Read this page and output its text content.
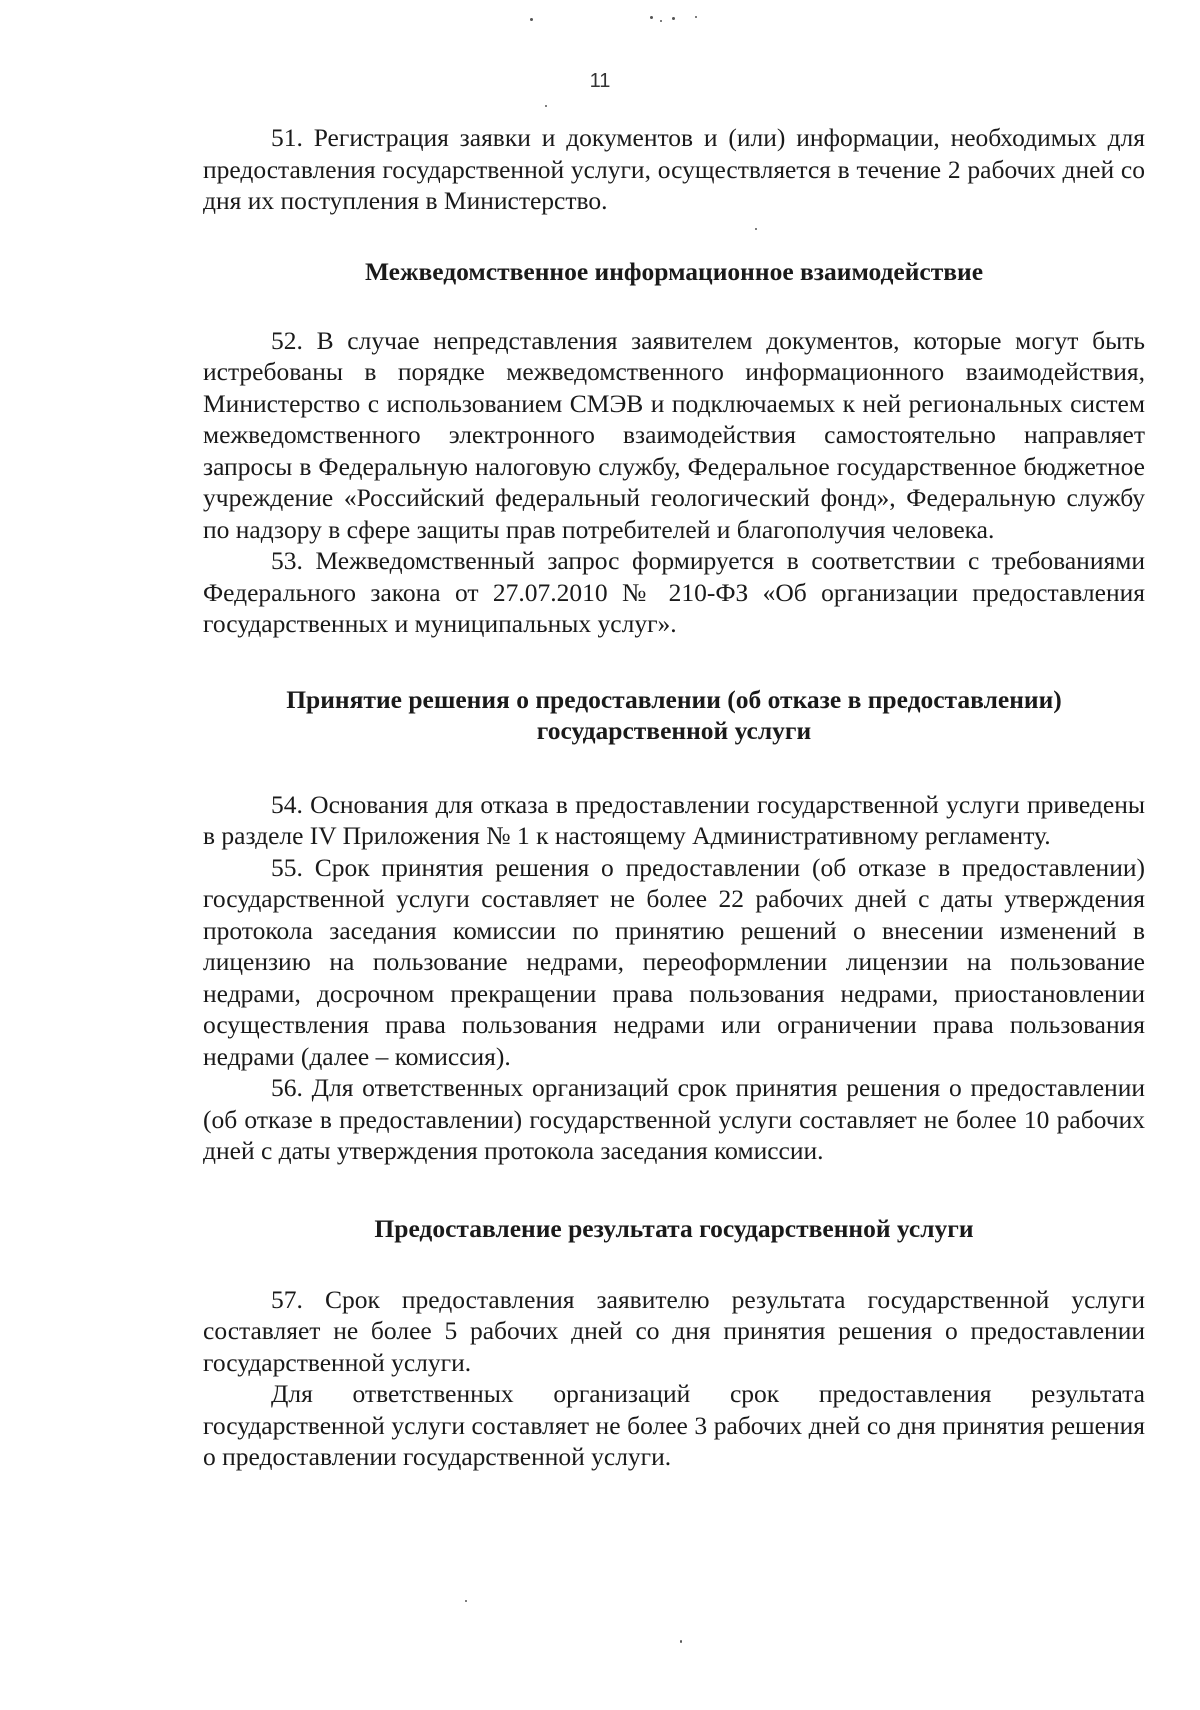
11

51. Регистрация заявки и документов и (или) информации, необходимых для предоставления государственной услуги, осуществляется в течение 2 рабочих дней со дня их поступления в Министерство.

Межведомственное информационное взаимодействие

52. В случае непредставления заявителем документов, которые могут быть истребованы в порядке межведомственного информационного взаимодействия, Министерство с использованием СМЭВ и подключаемых к ней региональных систем межведомственного электронного взаимодействия самостоятельно направляет запросы в Федеральную налоговую службу, Федеральное государственное бюджетное учреждение «Российский федеральный геологический фонд», Федеральную службу по надзору в сфере защиты прав потребителей и благополучия человека.

53. Межведомственный запрос формируется в соответствии с требованиями Федерального закона от 27.07.2010 № 210-ФЗ «Об организации предоставления государственных и муниципальных услуг».

Принятие решения о предоставлении (об отказе в предоставлении) государственной услуги

54. Основания для отказа в предоставлении государственной услуги приведены в разделе IV Приложения № 1 к настоящему Административному регламенту.

55. Срок принятия решения о предоставлении (об отказе в предоставлении) государственной услуги составляет не более 22 рабочих дней с даты утверждения протокола заседания комиссии по принятию решений о внесении изменений в лицензию на пользование недрами, переоформлении лицензии на пользование недрами, досрочном прекращении права пользования недрами, приостановлении осуществления права пользования недрами или ограничении права пользования недрами (далее – комиссия).

56. Для ответственных организаций срок принятия решения о предоставлении (об отказе в предоставлении) государственной услуги составляет не более 10 рабочих дней с даты утверждения протокола заседания комиссии.

Предоставление результата государственной услуги

57. Срок предоставления заявителю результата государственной услуги составляет не более 5 рабочих дней со дня принятия решения о предоставлении государственной услуги.

Для ответственных организаций срок предоставления результата государственной услуги составляет не более 3 рабочих дней со дня принятия решения о предоставлении государственной услуги.
